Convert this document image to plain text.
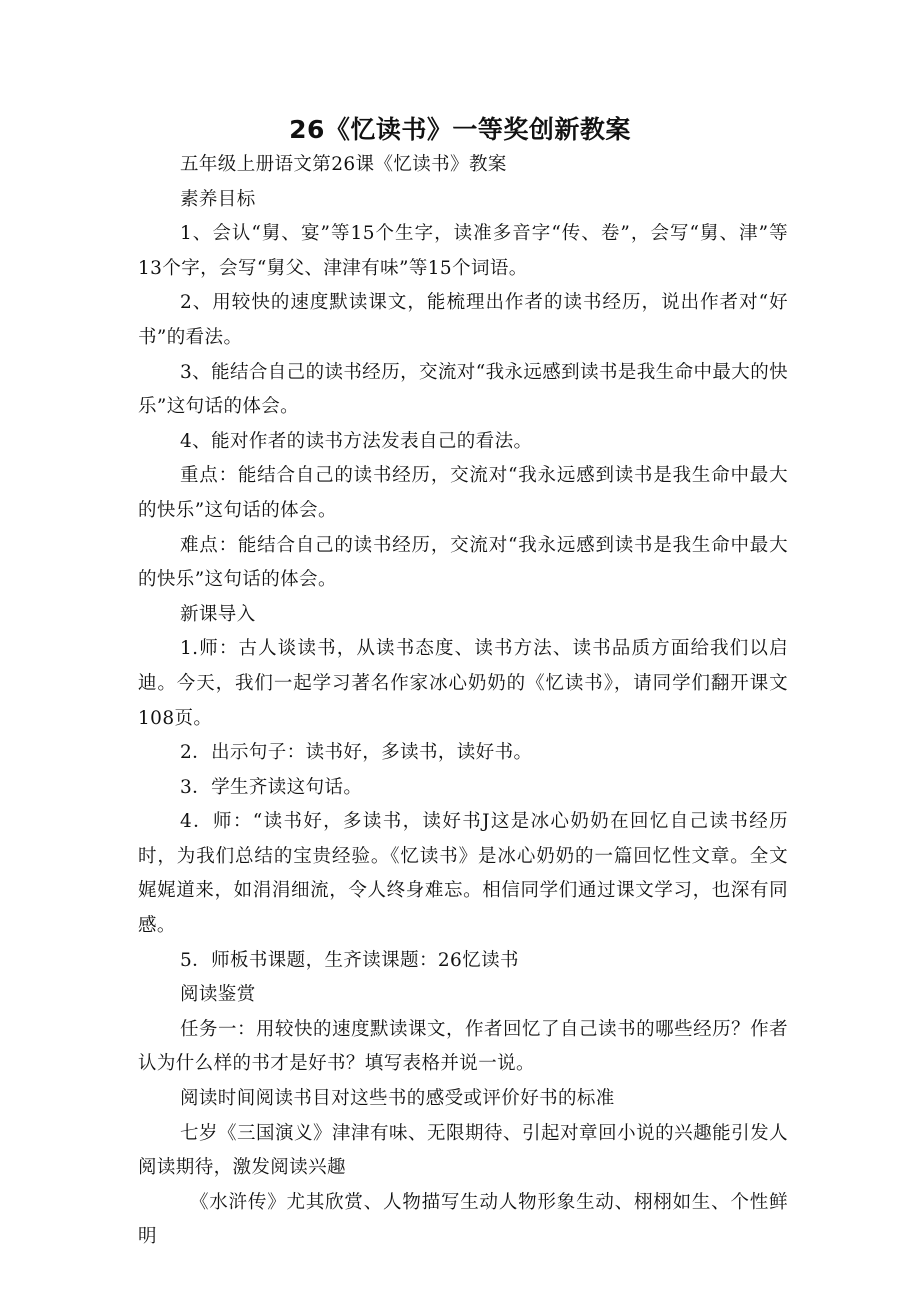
26《忆读书》一等奖创新教案

五年级上册语文第26课《忆读书》教案

素养目标

1、会认“舅、宴”等15个生字，读准多音字“传、卷”，会写“舅、津”等13个字，会写“舅父、津津有味”等15个词语。

2、用较快的速度默读课文，能梳理出作者的读书经历，说出作者对“好书”的看法。

3、能结合自己的读书经历，交流对“我永远感到读书是我生命中最大的快乐”这句话的体会。

4、能对作者的读书方法发表自己的看法。

重点：能结合自己的读书经历，交流对“我永远感到读书是我生命中最大的快乐”这句话的体会。

难点：能结合自己的读书经历，交流对“我永远感到读书是我生命中最大的快乐”这句话的体会。

新课导入

1.师：古人谈读书，从读书态度、读书方法、读书品质方面给我们以启迪。今天，我们一起学习著名作家冰心奶奶的《忆读书》，请同学们翻开课文108页。

2．出示句子：读书好，多读书，读好书。

3．学生齐读这句话。

4．师：“读书好，多读书，读好书J这是冰心奶奶在回忆自己读书经历时，为我们总结的宝贵经验。《忆读书》是冰心奶奶的一篇回忆性文章。全文娓娓道来，如涓涓细流，令人终身难忘。相信同学们通过课文学习，也深有同感。

5．师板书课题，生齐读课题：26忆读书

阅读鉴赏

任务一：用较快的速度默读课文，作者回忆了自己读书的哪些经历？作者认为什么样的书才是好书？填写表格并说一说。

阅读时间阅读书目对这些书的感受或评价好书的标准

七岁《三国演义》津津有味、无限期待、引起对章回小说的兴趣能引发人阅读期待，激发阅读兴趣

《水浒传》尤其欣赏、人物描写生动人物形象生动、栩栩如生、个性鲜明
